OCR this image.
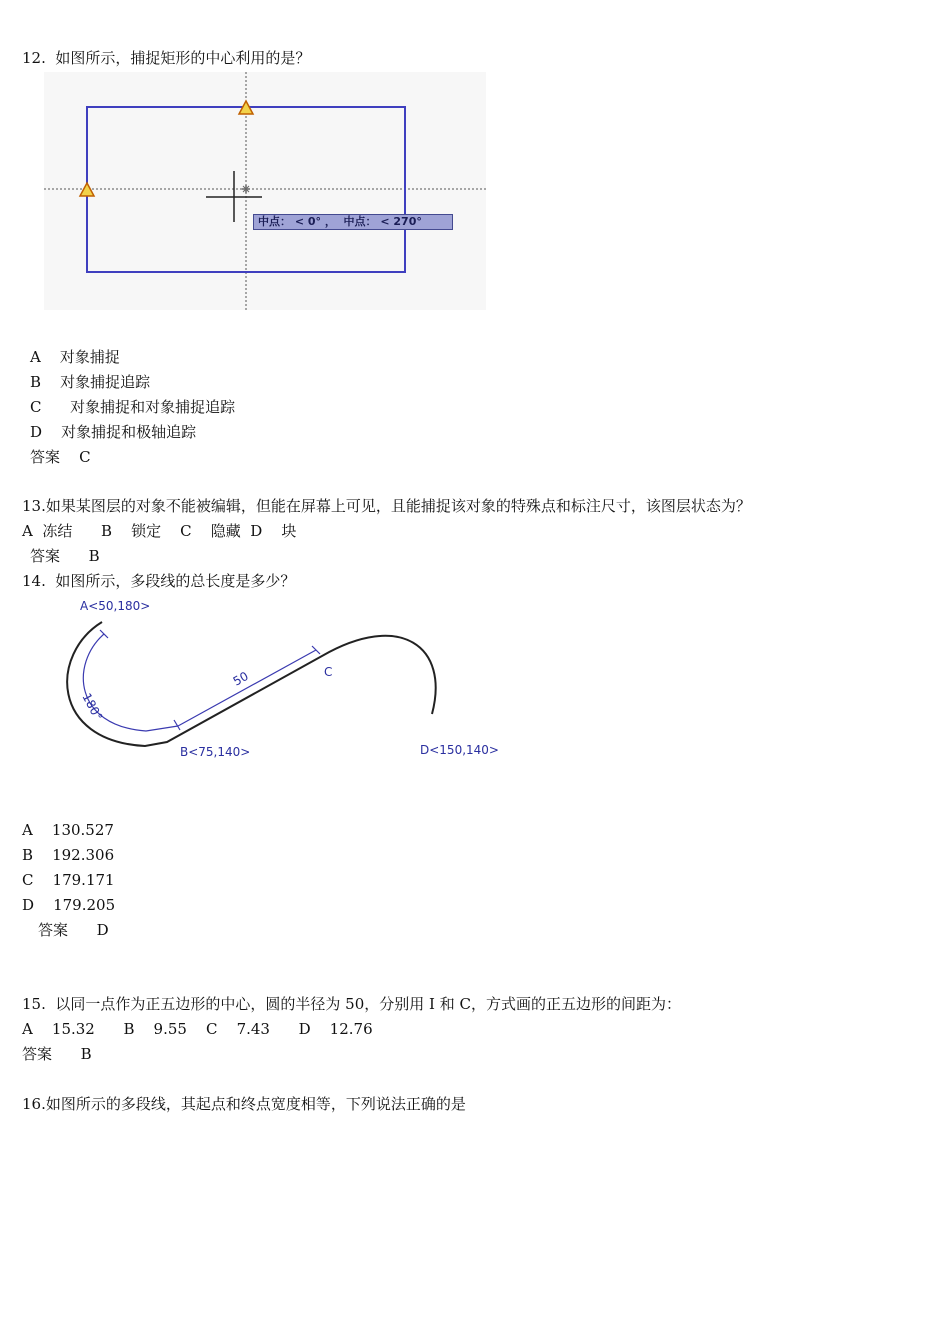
12.  如图所示，捕捉矩形的中心利用的是？
中点： < 0° ，  中点： < 270°
A    对象捕捉
B    对象捕捉追踪
C      对象捕捉和对象捕捉追踪
D    对象捕捉和极轴追踪
答案    C
13.如果某图层的对象不能被编辑，但能在屏幕上可见，且能捕捉该对象的特殊点和标注尺寸，该图层状态为？
A  冻结      B    锁定    C    隐藏  D    块
答案      B
14.  如图所示，多段线的总长度是多少？
A<50,180>
B<75,140>
C
D<150,140>
50
180°
A    130.527
B    192.306
C    179.171
D    179.205
答案      D
15.  以同一点作为正五边形的中心，圆的半径为 50，分别用 I 和 C，方式画的正五边形的间距为：
A    15.32      B    9.55    C    7.43      D    12.76
答案      B
16.如图所示的多段线，其起点和终点宽度相等，下列说法正确的是
